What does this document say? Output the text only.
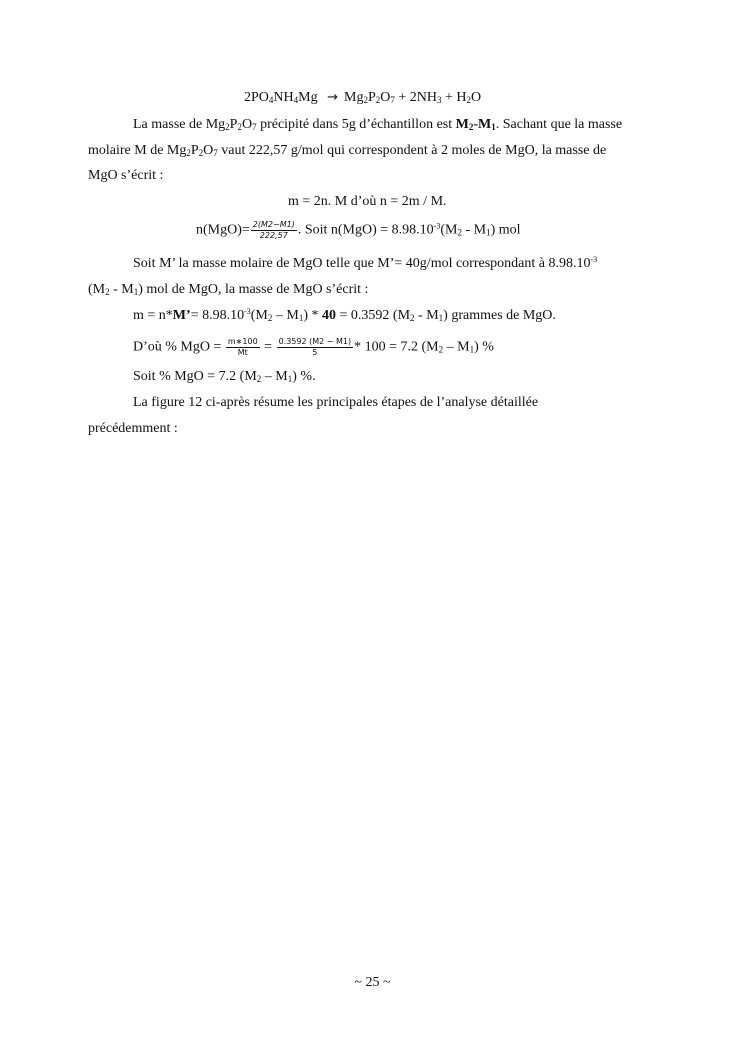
$2PO_4NH_4Mg \to Mg_2P_2O_7 + 2NH_3 + H_2O$
La masse de $Mg_2P_2O_7$ précipité dans 5g d’échantillon est $M_2-M_1$. Sachant que la masse
molaire M de $Mg_2P_2O_7$ vaut 222,57 g/mol qui correspondent à 2 moles de MgO, la masse de
MgO s’écrit :
m = 2n. M d’où n = 2m / M.
$n(MgO)= \frac{2(M2-M1)}{222,57}$ . Soit $n(MgO) = 8.98.10^{-3}(M_2 - M_1)$ mol
Soit M’ la masse molaire de MgO telle que M’= 40g/mol correspondant à $8.98.10^{-3}$
$(M_2 - M_1)$ mol de MgO, la masse de MgO s’écrit :
m = n*M’= $8.98.10^{-3}(M_2 - M_1) * 40 = 0.3592$ $(M_2 - M_1)$ grammes de MgO.
D’où % MgO = $\frac{m∗100}{Mt} = \frac{0.3592 (M2 - M1)}{5} * 100 = 7.2$ $(M_2 - M_1)$ %
Soit % MgO = 7.2 $(M_2 - M_1)$ %.
La figure 12 ci-après résume les principales étapes de l’analyse détaillée
précédemment :
~ 25 ~
